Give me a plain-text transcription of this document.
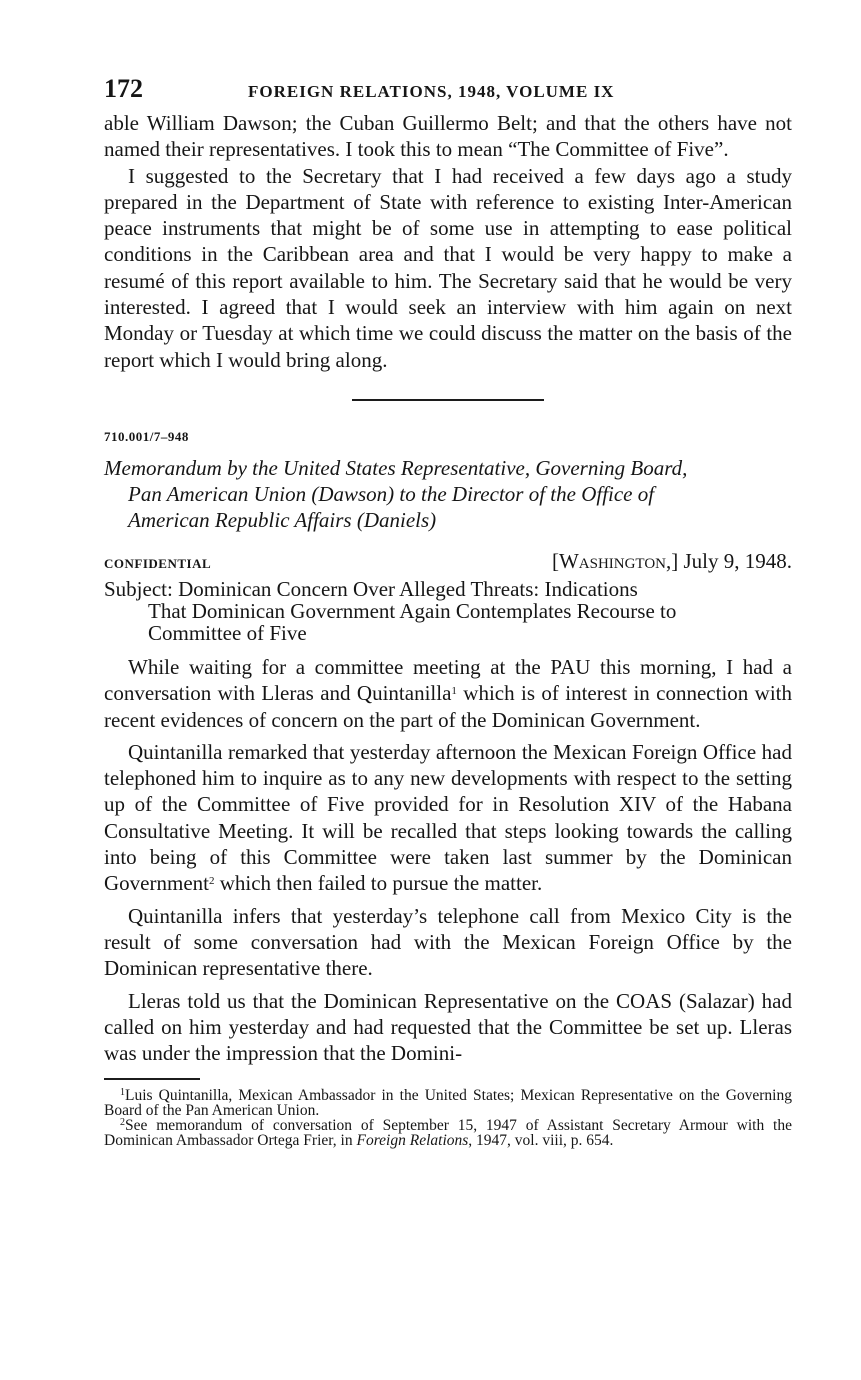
172	FOREIGN RELATIONS, 1948, VOLUME IX

able William Dawson; the Cuban Guillermo Belt; and that the others have not named their representatives. I took this to mean “The Committee of Five”.

I suggested to the Secretary that I had received a few days ago a study prepared in the Department of State with reference to existing Inter-American peace instruments that might be of some use in attempting to ease political conditions in the Caribbean area and that I would be very happy to make a resumé of this report available to him. The Secretary said that he would be very interested. I agreed that I would seek an interview with him again on next Monday or Tuesday at which time we could discuss the matter on the basis of the report which I would bring along.

710.001/7–948
Memorandum by the United States Representative, Governing Board,
Pan American Union (Dawson) to the Director of the Office of
American Republic Affairs (Daniels)
CONFIDENTIAL	[Washington,] July 9, 1948.
Subject: Dominican Concern Over Alleged Threats: Indications
That Dominican Government Again Contemplates Recourse to
Committee of Five

While waiting for a committee meeting at the PAU this morning, I had a conversation with Lleras and Quintanilla$^1$ which is of interest in connection with recent evidences of concern on the part of the Dominican Government.

Quintanilla remarked that yesterday afternoon the Mexican Foreign Office had telephoned him to inquire as to any new developments with respect to the setting up of the Committee of Five provided for in Resolution XIV of the Habana Consultative Meeting. It will be recalled that steps looking towards the calling into being of this Committee were taken last summer by the Dominican Government$^2$ which then failed to pursue the matter.

Quintanilla infers that yesterday’s telephone call from Mexico City is the result of some conversation had with the Mexican Foreign Office by the Dominican representative there.

Lleras told us that the Dominican Representative on the COAS (Salazar) had called on him yesterday and had requested that the Committee be set up. Lleras was under the impression that the Domini-

$^1$Luis Quintanilla, Mexican Ambassador in the United States; Mexican Representative on the Governing Board of the Pan American Union.

$^2$See memorandum of conversation of September 15, 1947 of Assistant Secretary Armour with the Dominican Ambassador Ortega Frier, in Foreign Relations, 1947, vol. viii, p. 654.
